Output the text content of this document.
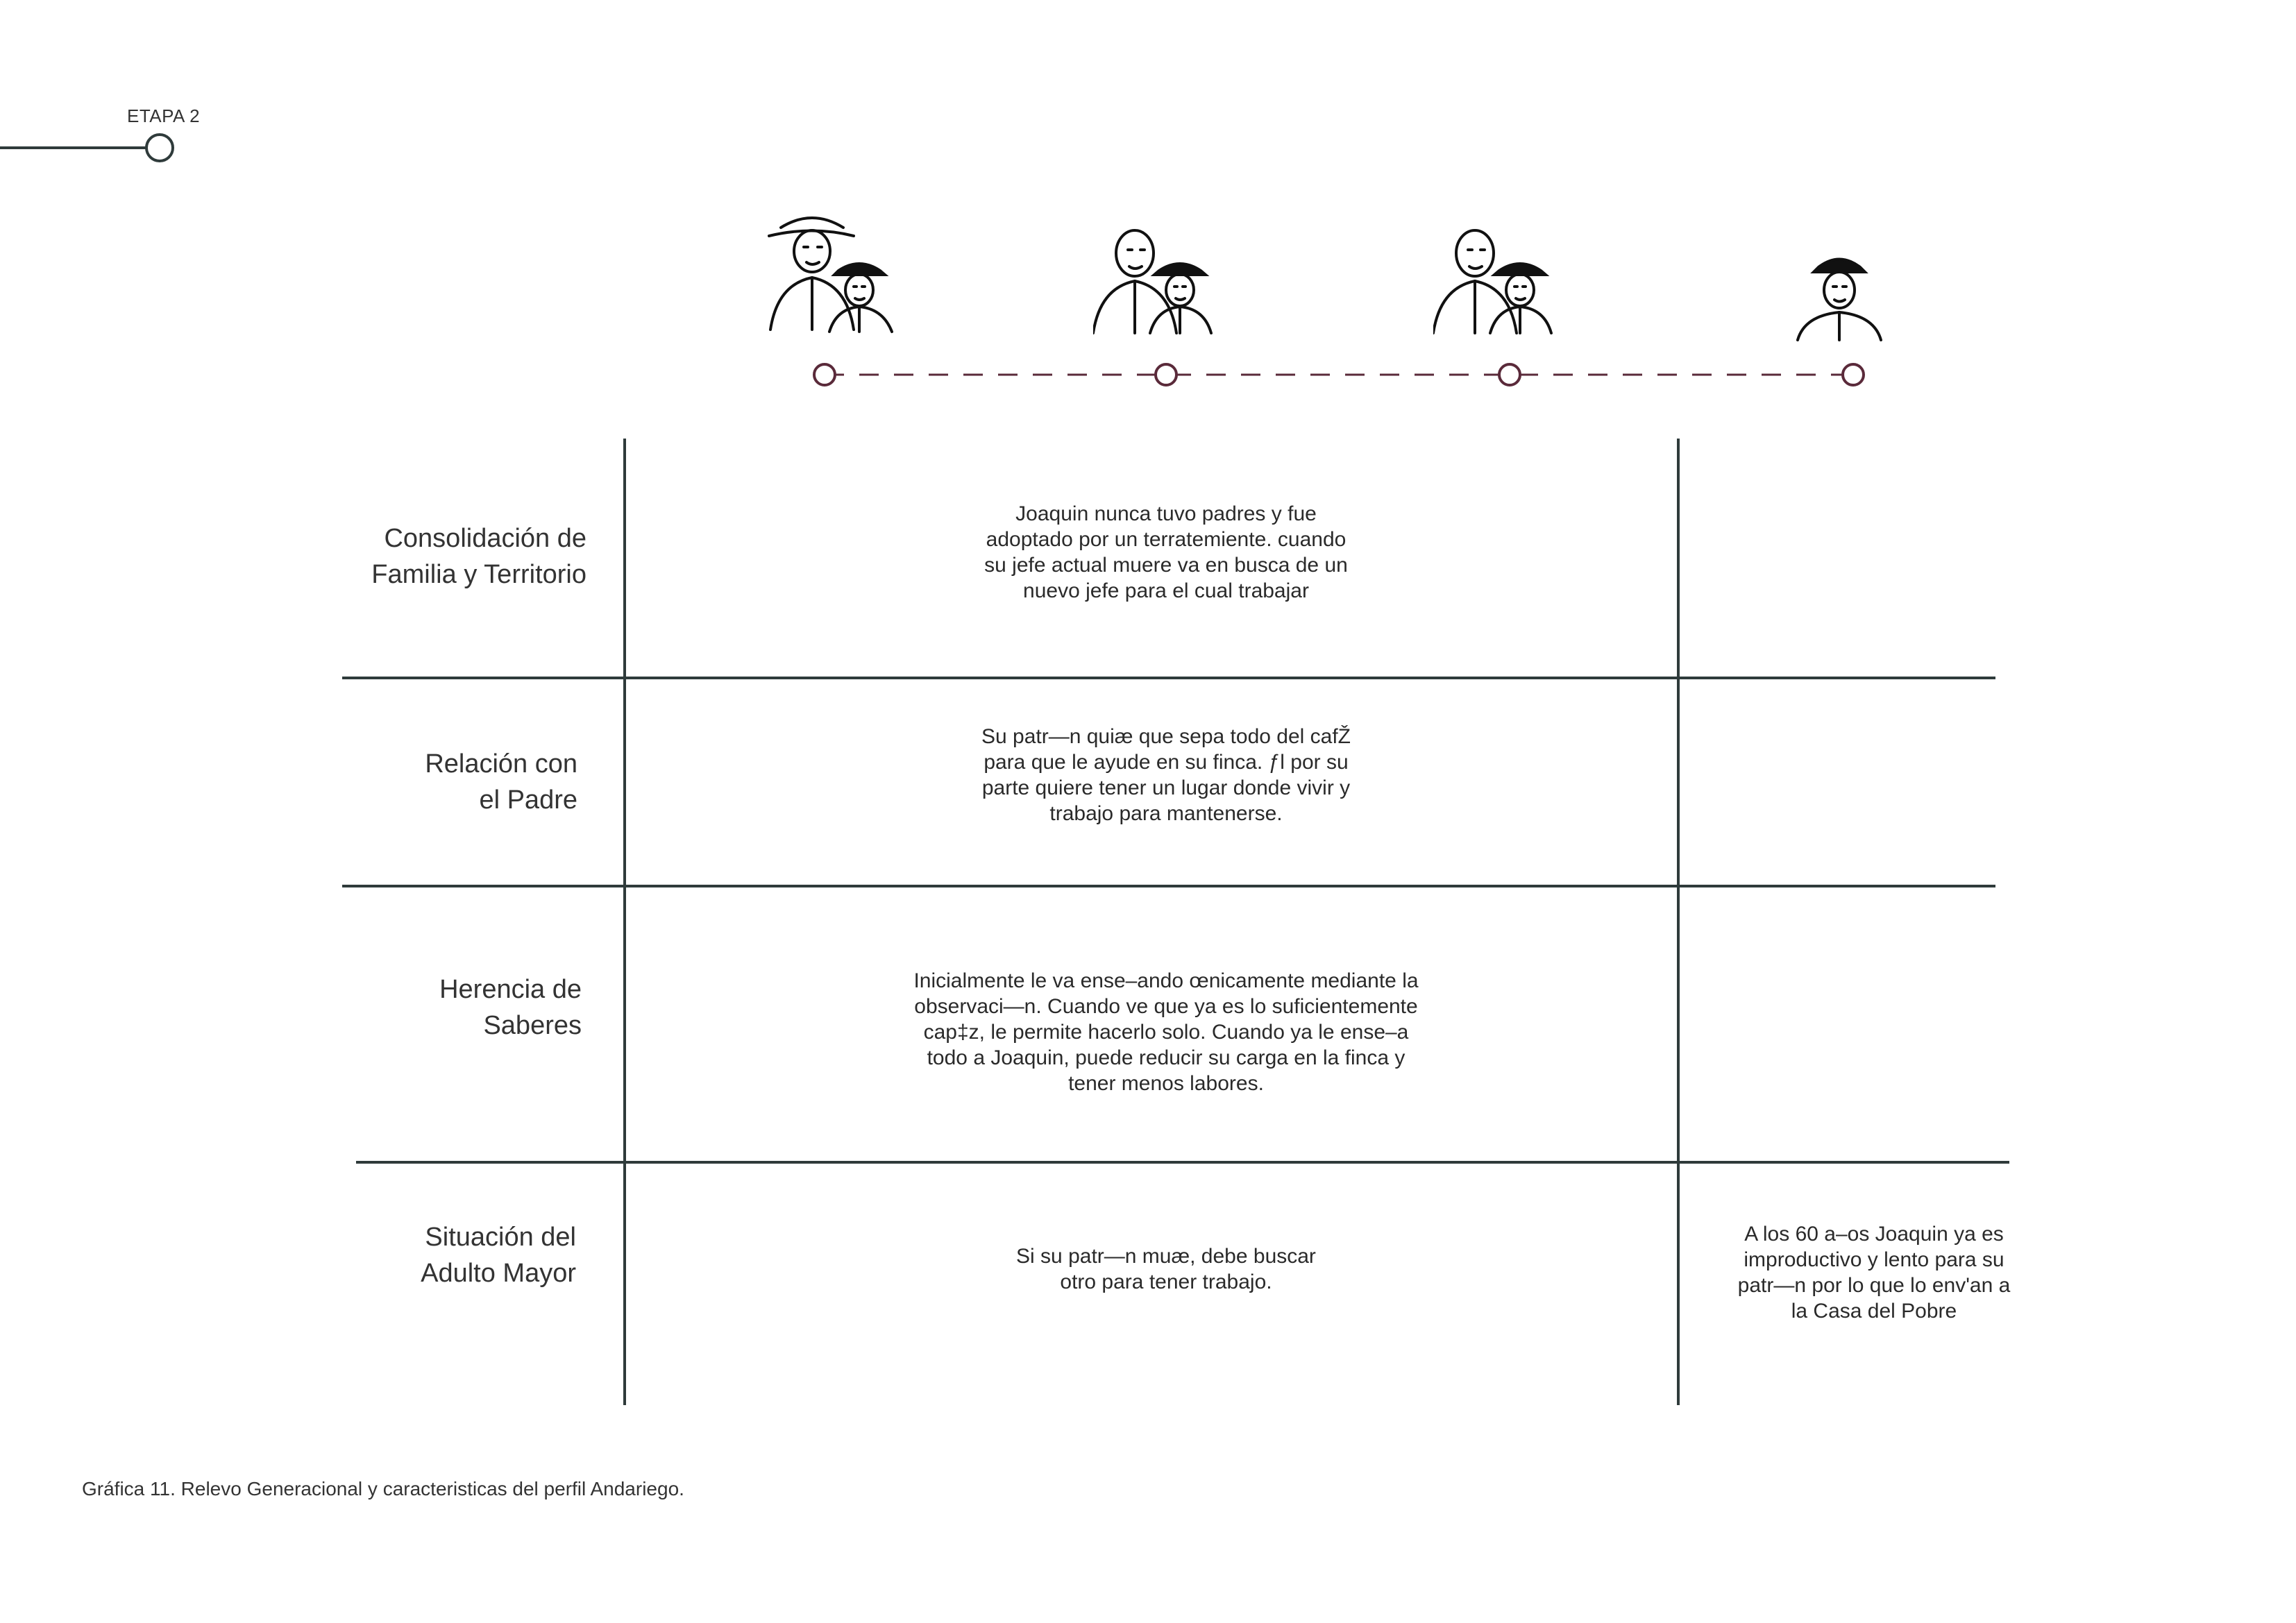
ETAPA 2
Consolidación de
Familia y Territorio
Relación con
el Padre
Herencia de
Saberes
Situación del
Adulto Mayor
Joaquin nunca tuvo padres y fue
adoptado por un terratemiente. cuando
su jefe actual muere va en busca de un
nuevo jefe para el cual trabajar
Su patr—n quiæ que sepa todo del cafŽ
para que le ayude en su finca. ƒl por su
parte quiere tener un lugar donde vivir y
trabajo para mantenerse.
Inicialmente le va ense–ando œnicamente mediante la
observaci—n. Cuando ve que ya es lo suficientemente
cap‡z, le permite hacerlo solo. Cuando ya le ense–a
todo a Joaquin, puede reducir su carga en la finca y
tener menos labores.
Si su patr—n muæ, debe buscar
otro para tener trabajo.
A los 60 a–os Joaquin ya es
improductivo y lento para su
patr—n por lo que lo env'an a
la Casa del Pobre
Gráfica 11. Relevo Generacional y caracteristicas del perfil Andariego.
